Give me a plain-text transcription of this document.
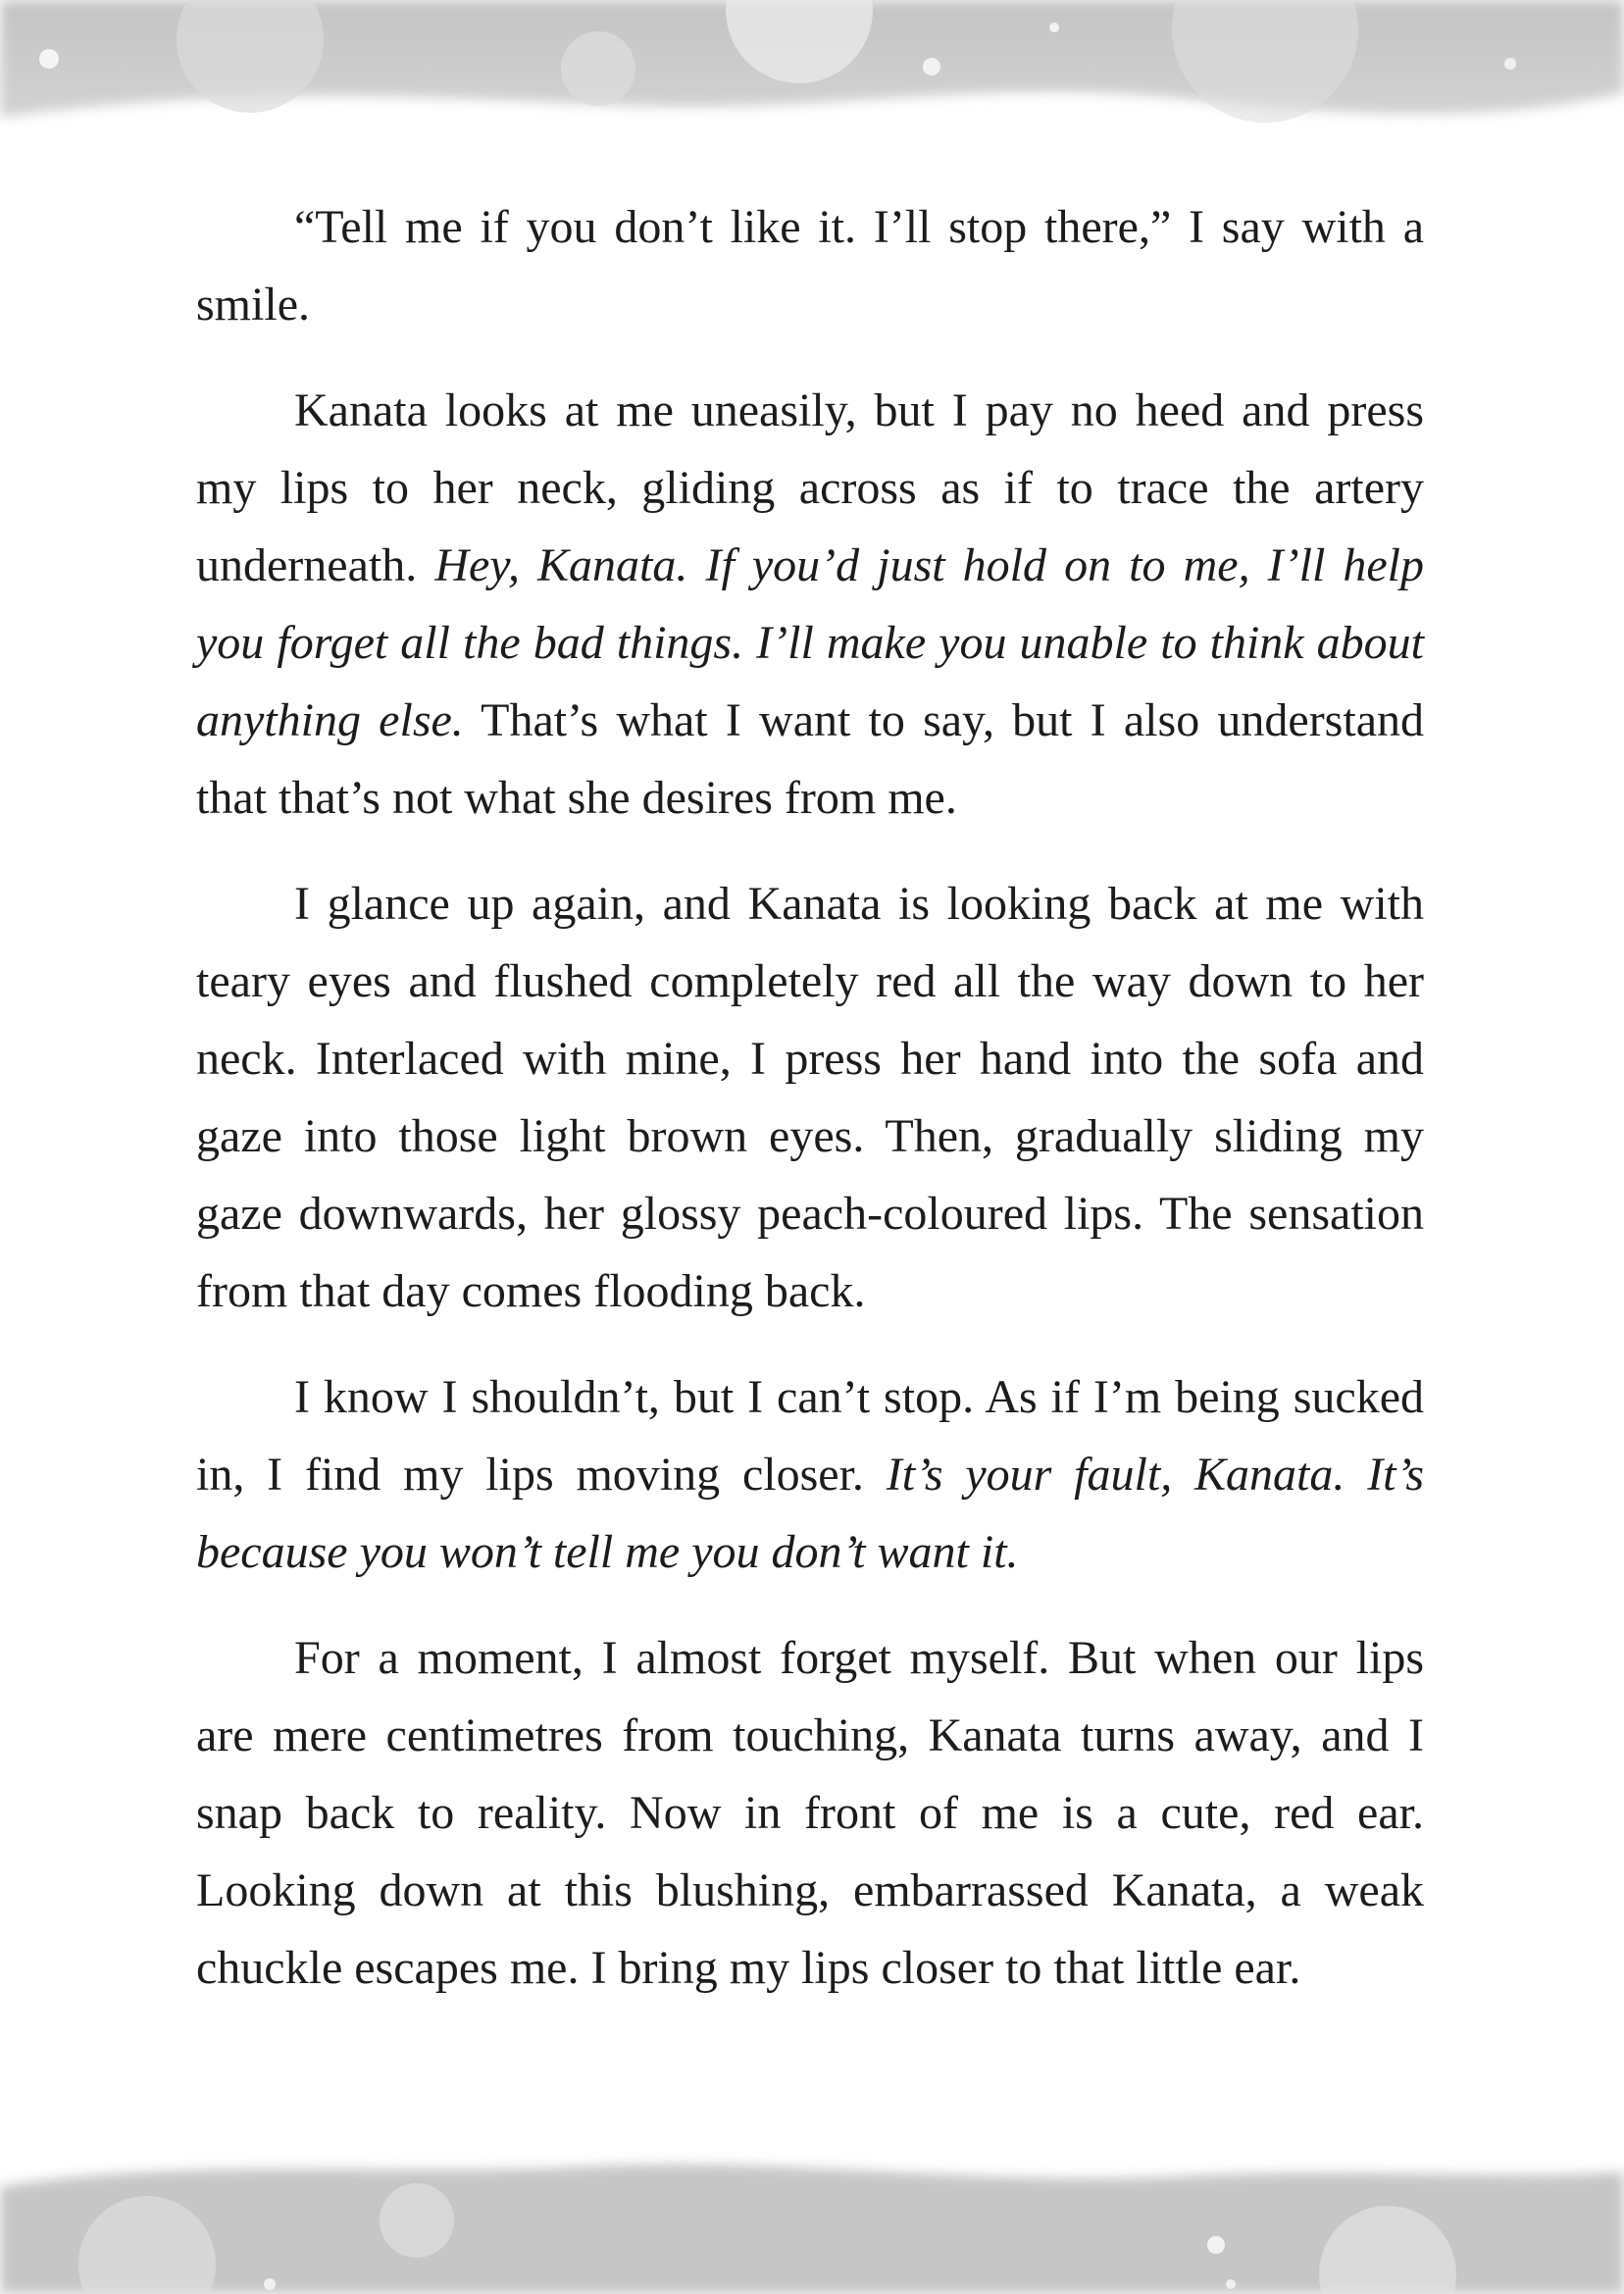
“Tell me if you don’t like it. I’ll stop there,” I say with a smile.

Kanata looks at me uneasily, but I pay no heed and press my lips to her neck, gliding across as if to trace the artery underneath. Hey, Kanata. If you’d just hold on to me, I’ll help you forget all the bad things. I’ll make you unable to think about anything else. That’s what I want to say, but I also understand that that’s not what she desires from me.

I glance up again, and Kanata is looking back at me with teary eyes and flushed completely red all the way down to her neck. Interlaced with mine, I press her hand into the sofa and gaze into those light brown eyes. Then, gradually sliding my gaze downwards, her glossy peach-coloured lips. The sensation from that day comes flooding back.

I know I shouldn’t, but I can’t stop. As if I’m being sucked in, I find my lips moving closer. It’s your fault, Kanata. It’s because you won’t tell me you don’t want it.

For a moment, I almost forget myself. But when our lips are mere centimetres from touching, Kanata turns away, and I snap back to reality. Now in front of me is a cute, red ear. Looking down at this blushing, embarrassed Kanata, a weak chuckle escapes me. I bring my lips closer to that little ear.
